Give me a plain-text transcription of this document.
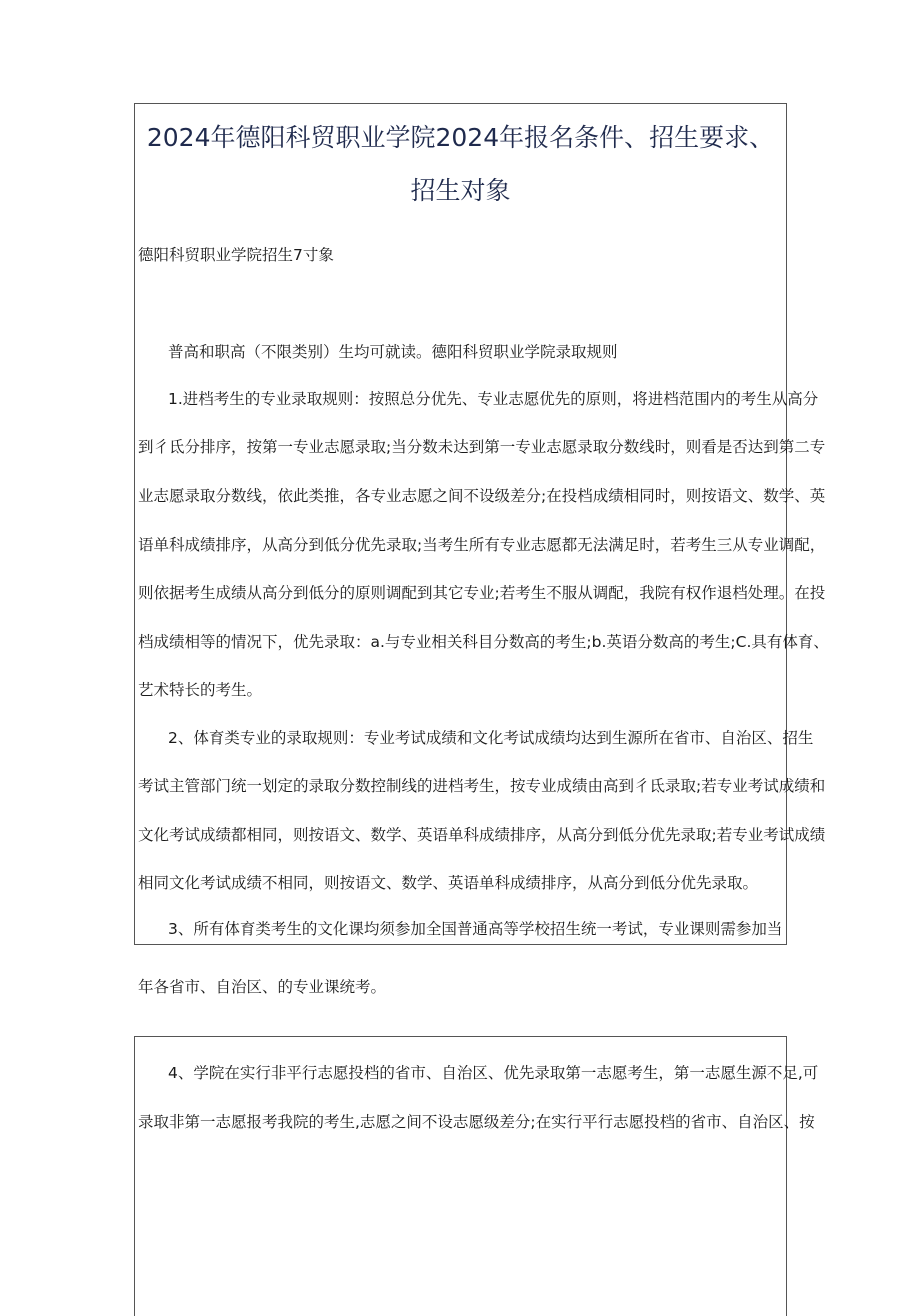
2024年德阳科贸职业学院2024年报名条件、招生要求、
招生对象

德阳科贸职业学院招生7寸象

普高和职高（不限类别）生均可就读。德阳科贸职业学院录取规则

1.进档考生的专业录取规则：按照总分优先、专业志愿优先的原则，将进档范围内的考生从高分

到彳氐分排序，按第一专业志愿录取;当分数未达到第一专业志愿录取分数线时，则看是否达到第二专

业志愿录取分数线，依此类推，各专业志愿之间不设级差分;在投档成绩相同时，则按语文、数学、英

语单科成绩排序，从高分到低分优先录取;当考生所有专业志愿都无法满足时，若考生三从专业调配，

则依据考生成绩从高分到低分的原则调配到其它专业;若考生不服从调配，我院有权作退档处理。在投

档成绩相等的情况下，优先录取：a.与专业相关科目分数高的考生;b.英语分数高的考生;C.具有体育、

艺术特长的考生。

2、体育类专业的录取规则：专业考试成绩和文化考试成绩均达到生源所在省市、自治区、招生

考试主管部门统一划定的录取分数控制线的进档考生，按专业成绩由高到彳氐录取;若专业考试成绩和

文化考试成绩都相同，则按语文、数学、英语单科成绩排序，从高分到低分优先录取;若专业考试成绩

相同文化考试成绩不相同，则按语文、数学、英语单科成绩排序，从高分到低分优先录取。

3、所有体育类考生的文化课均须参加全国普通高等学校招生统一考试，专业课则需参加当

年各省市、自治区、的专业课统考。

4、学院在实行非平行志愿投档的省市、自治区、优先录取第一志愿考生，第一志愿生源不足,可

录取非第一志愿报考我院的考生,志愿之间不设志愿级差分;在实行平行志愿投档的省市、自治区、按
